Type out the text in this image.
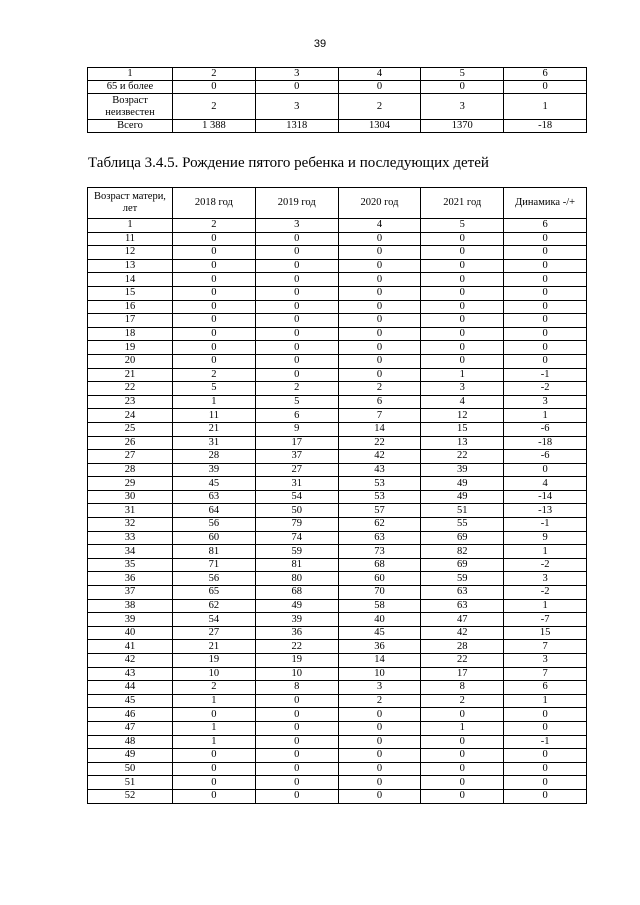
39
1	2	3	4	5	6
65 и более	0	0	0	0	0
Возраст неизвестен	2	3	2	3	1
Всего	1 388	1318	1304	1370	-18
Таблица 3.4.5. Рождение пятого ребенка и последующих детей
Возраст матери, лет	2018 год	2019 год	2020 год	2021 год	Динамика -/+
1	2	3	4	5	6
11	0	0	0	0	0
12	0	0	0	0	0
13	0	0	0	0	0
14	0	0	0	0	0
15	0	0	0	0	0
16	0	0	0	0	0
17	0	0	0	0	0
18	0	0	0	0	0
19	0	0	0	0	0
20	0	0	0	0	0
21	2	0	0	1	-1
22	5	2	2	3	-2
23	1	5	6	4	3
24	11	6	7	12	1
25	21	9	14	15	-6
26	31	17	22	13	-18
27	28	37	42	22	-6
28	39	27	43	39	0
29	45	31	53	49	4
30	63	54	53	49	-14
31	64	50	57	51	-13
32	56	79	62	55	-1
33	60	74	63	69	9
34	81	59	73	82	1
35	71	81	68	69	-2
36	56	80	60	59	3
37	65	68	70	63	-2
38	62	49	58	63	1
39	54	39	40	47	-7
40	27	36	45	42	15
41	21	22	36	28	7
42	19	19	14	22	3
43	10	10	10	17	7
44	2	8	3	8	6
45	1	0	2	2	1
46	0	0	0	0	0
47	1	0	0	1	0
48	1	0	0	0	-1
49	0	0	0	0	0
50	0	0	0	0	0
51	0	0	0	0	0
52	0	0	0	0	0
